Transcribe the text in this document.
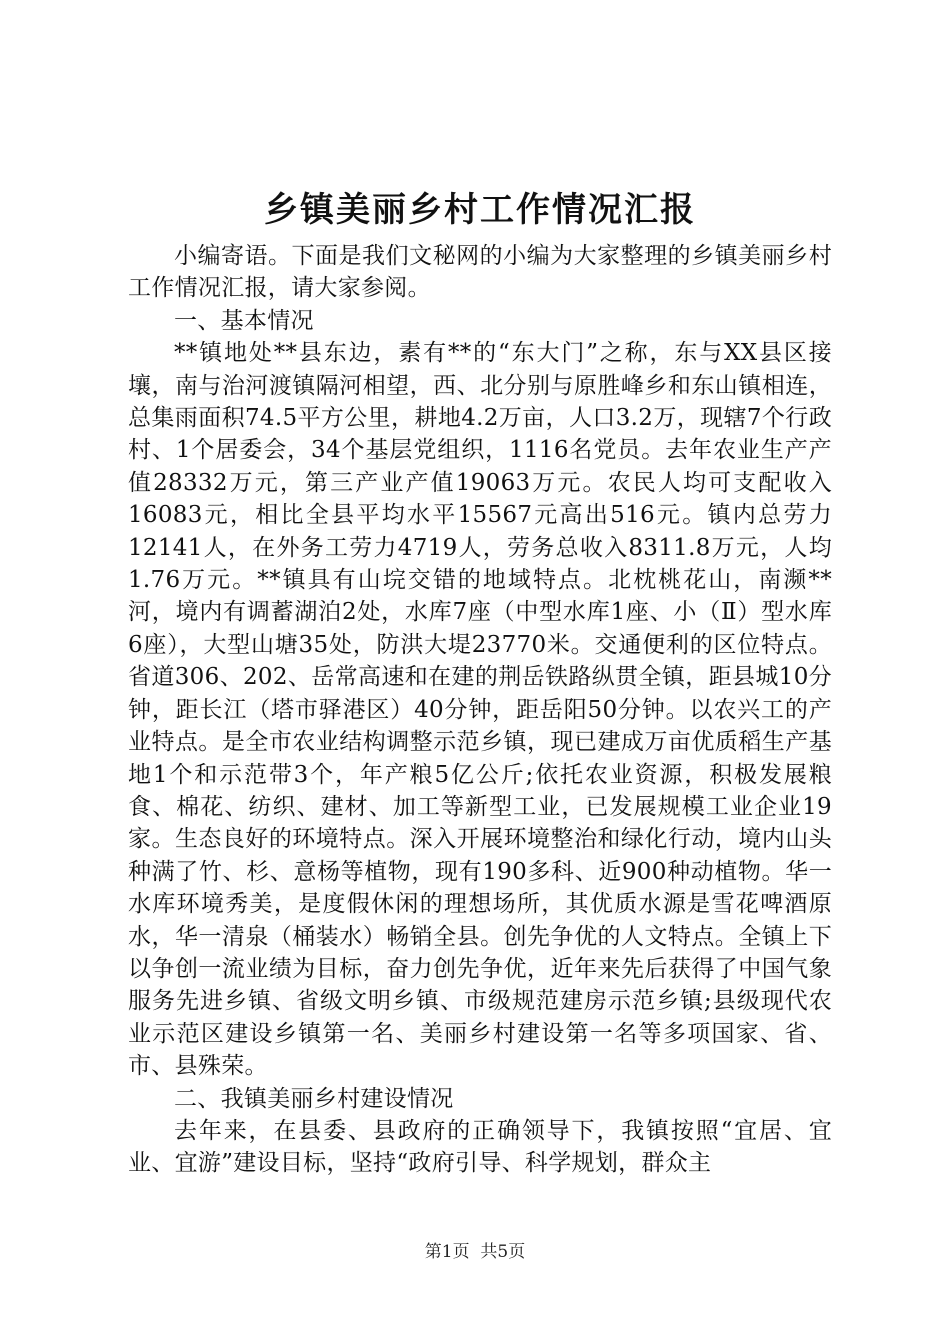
乡镇美丽乡村工作情况汇报

小编寄语。下面是我们文秘网的小编为大家整理的乡镇美丽乡村工作情况汇报，请大家参阅。

一、基本情况

**镇地处**县东边，素有**的“东大门”之称，东与XX县区接壤，南与治河渡镇隔河相望，西、北分别与原胜峰乡和东山镇相连，总集雨面积74.5平方公里，耕地4.2万亩，人口3.2万，现辖7个行政村、1个居委会，34个基层党组织，1116名党员。去年农业生产产值28332万元，第三产业产值19063万元。农民人均可支配收入16083元，相比全县平均水平15567元高出516元。镇内总劳力12141人，在外务工劳力4719人，劳务总收入8311.8万元，人均1.76万元。**镇具有山垸交错的地域特点。北枕桃花山，南濒**河，境内有调蓄湖泊2处，水库7座（中型水库1座、小（Ⅱ）型水库6座），大型山塘35处，防洪大堤23770米。交通便利的区位特点。省道306、202、岳常高速和在建的荆岳铁路纵贯全镇，距县城10分钟，距长江（塔市驿港区）40分钟，距岳阳50分钟。以农兴工的产业特点。是全市农业结构调整示范乡镇，现已建成万亩优质稻生产基地1个和示范带3个，年产粮5亿公斤;依托农业资源，积极发展粮食、棉花、纺织、建材、加工等新型工业，已发展规模工业企业19家。生态良好的环境特点。深入开展环境整治和绿化行动，境内山头种满了竹、杉、意杨等植物，现有190多科、近900种动植物。华一水库环境秀美，是度假休闲的理想场所，其优质水源是雪花啤酒原水，华一清泉（桶装水）畅销全县。创先争优的人文特点。全镇上下以争创一流业绩为目标，奋力创先争优，近年来先后获得了中国气象服务先进乡镇、省级文明乡镇、市级规范建房示范乡镇;县级现代农业示范区建设乡镇第一名、美丽乡村建设第一名等多项国家、省、市、县殊荣。

二、我镇美丽乡村建设情况

去年来，在县委、县政府的正确领导下，我镇按照“宜居、宜业、宜游”建设目标，坚持“政府引导、科学规划，群众主

第1页  共5页
